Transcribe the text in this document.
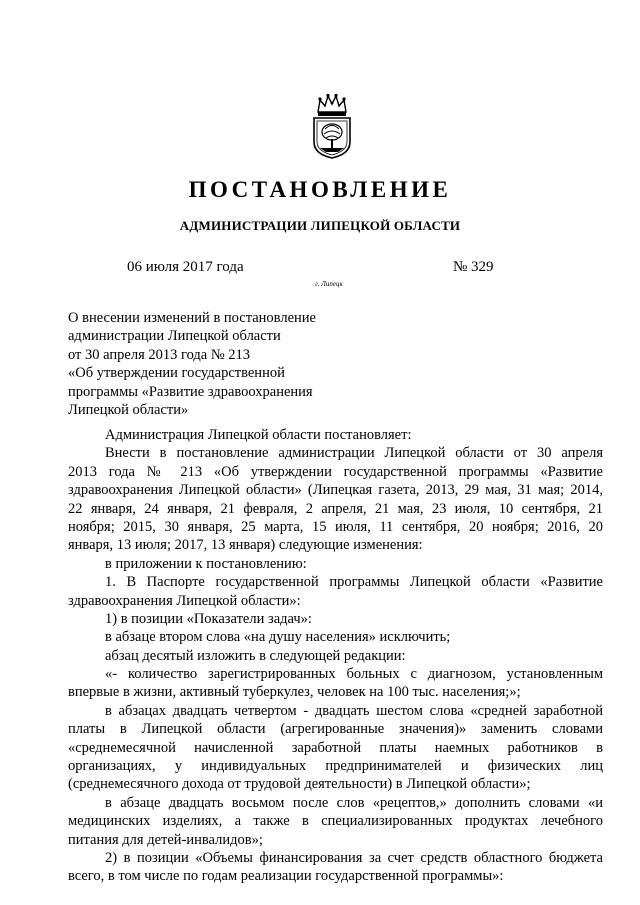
ПОСТАНОВЛЕНИЕ
АДМИНИСТРАЦИИ ЛИПЕЦКОЙ ОБЛАСТИ
06 июля 2017 года	№ 329
г. Липецк
О внесении изменений в постановление
администрации Липецкой области
от 30 апреля 2013 года № 213
«Об утверждении государственной
программы «Развитие здравоохранения
Липецкой области»
Администрация Липецкой области постановляет:
Внести в постановление администрации Липецкой области от 30 апреля
2013 года № 213 «Об утверждении государственной программы «Развитие
здравоохранения Липецкой области» (Липецкая газета, 2013, 29 мая, 31 мая; 2014,
22 января, 24 января, 21 февраля, 2 апреля, 21 мая, 23 июля, 10 сентября, 21
ноября; 2015, 30 января, 25 марта, 15 июля, 11 сентября, 20 ноября; 2016, 20
января, 13 июля; 2017, 13 января) следующие изменения:
в приложении к постановлению:
1. В Паспорте государственной программы Липецкой области «Развитие
здравоохранения Липецкой области»:
1) в позиции «Показатели задач»:
в абзаце втором слова «на душу населения» исключить;
абзац десятый изложить в следующей редакции:
«- количество зарегистрированных больных с диагнозом, установленным
впервые в жизни, активный туберкулез, человек на 100 тыс. населения;»;
в абзацах двадцать четвертом - двадцать шестом слова «средней заработной
платы в Липецкой области (агрегированные значения)» заменить словами
«среднемесячной начисленной заработной платы наемных работников в
организациях, у индивидуальных предпринимателей и физических лиц
(среднемесячного дохода от трудовой деятельности) в Липецкой области»;
в абзаце двадцать восьмом после слов «рецептов,» дополнить словами «и
медицинских изделиях, а также в специализированных продуктах лечебного
питания для детей-инвалидов»;
2) в позиции «Объемы финансирования за счет средств областного бюджета
всего, в том числе по годам реализации государственной программы»:
